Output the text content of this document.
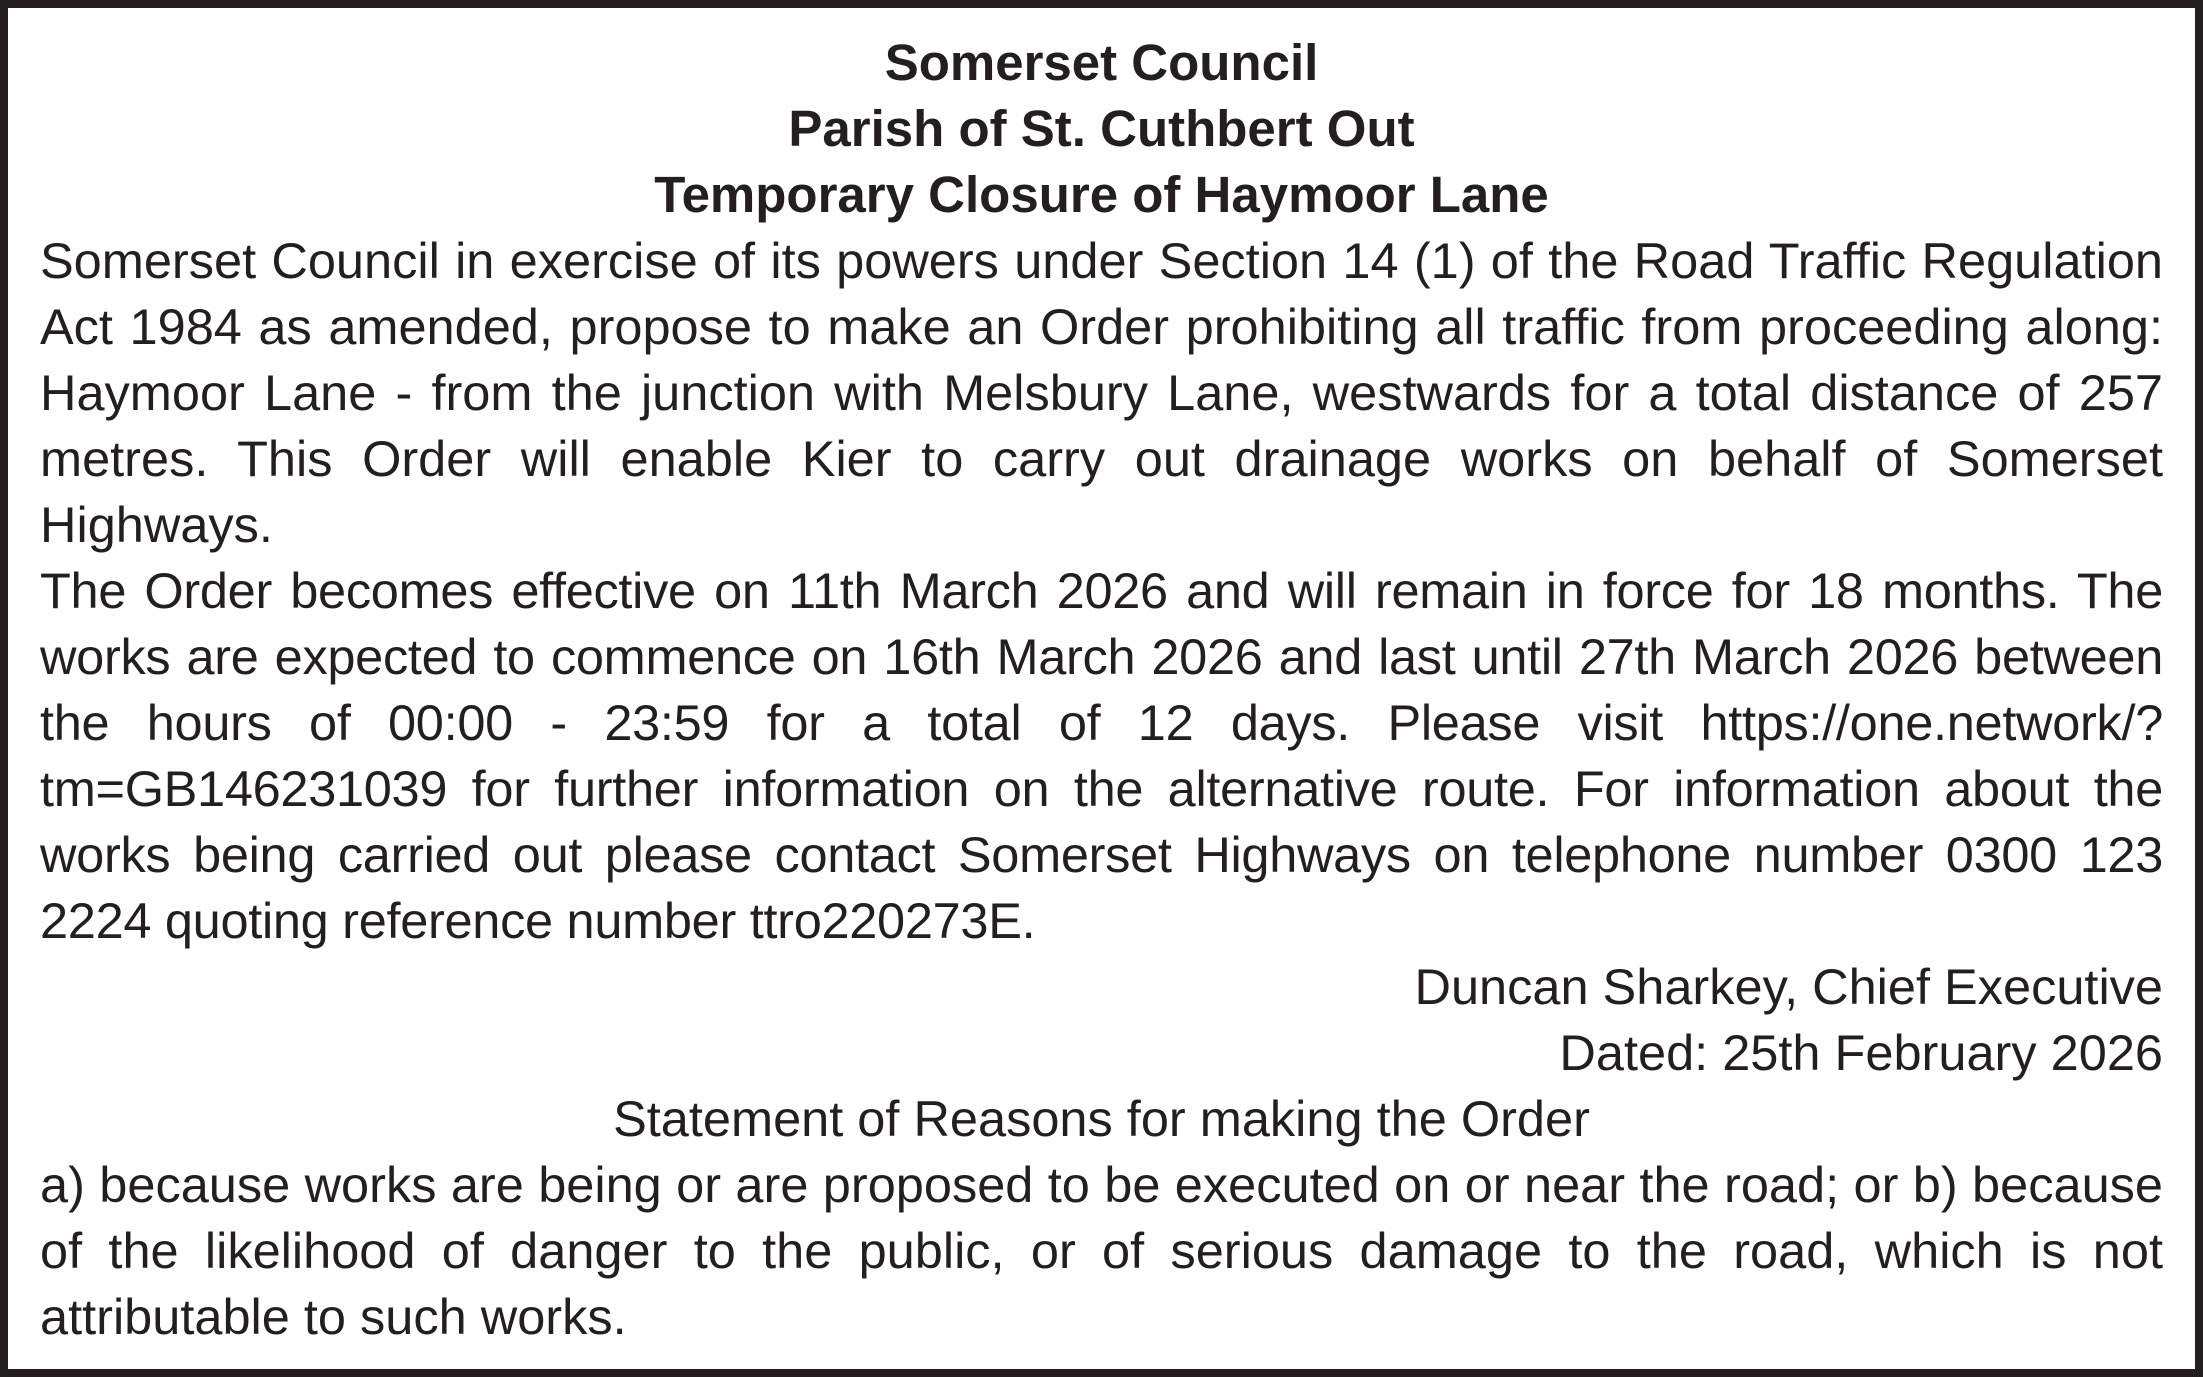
Somerset Council

Parish of St. Cuthbert Out

Temporary Closure of Haymoor Lane

Somerset Council in exercise of its powers under Section 14 (1) of the Road Traffic Regulation Act 1984 as amended, propose to make an Order prohibiting all traffic from proceeding along: Haymoor Lane - from the junction with Melsbury Lane, westwards for a total distance of 257 metres. This Order will enable Kier to carry out drainage works on behalf of Somerset Highways.

The Order becomes effective on 11th March 2026 and will remain in force for 18 months. The works are expected to commence on 16th March 2026 and last until 27th March 2026 between the hours of 00:00 - 23:59 for a total of 12 days. Please visit https://one.network/?tm=GB146231039 for further information on the alternative route. For information about the works being carried out please contact Somerset Highways on telephone number 0300 123 2224 quoting reference number ttro220273E.

Duncan Sharkey, Chief Executive

Dated: 25th February 2026

Statement of Reasons for making the Order

a) because works are being or are proposed to be executed on or near the road; or b) because of the likelihood of danger to the public, or of serious damage to the road, which is not attributable to such works.
